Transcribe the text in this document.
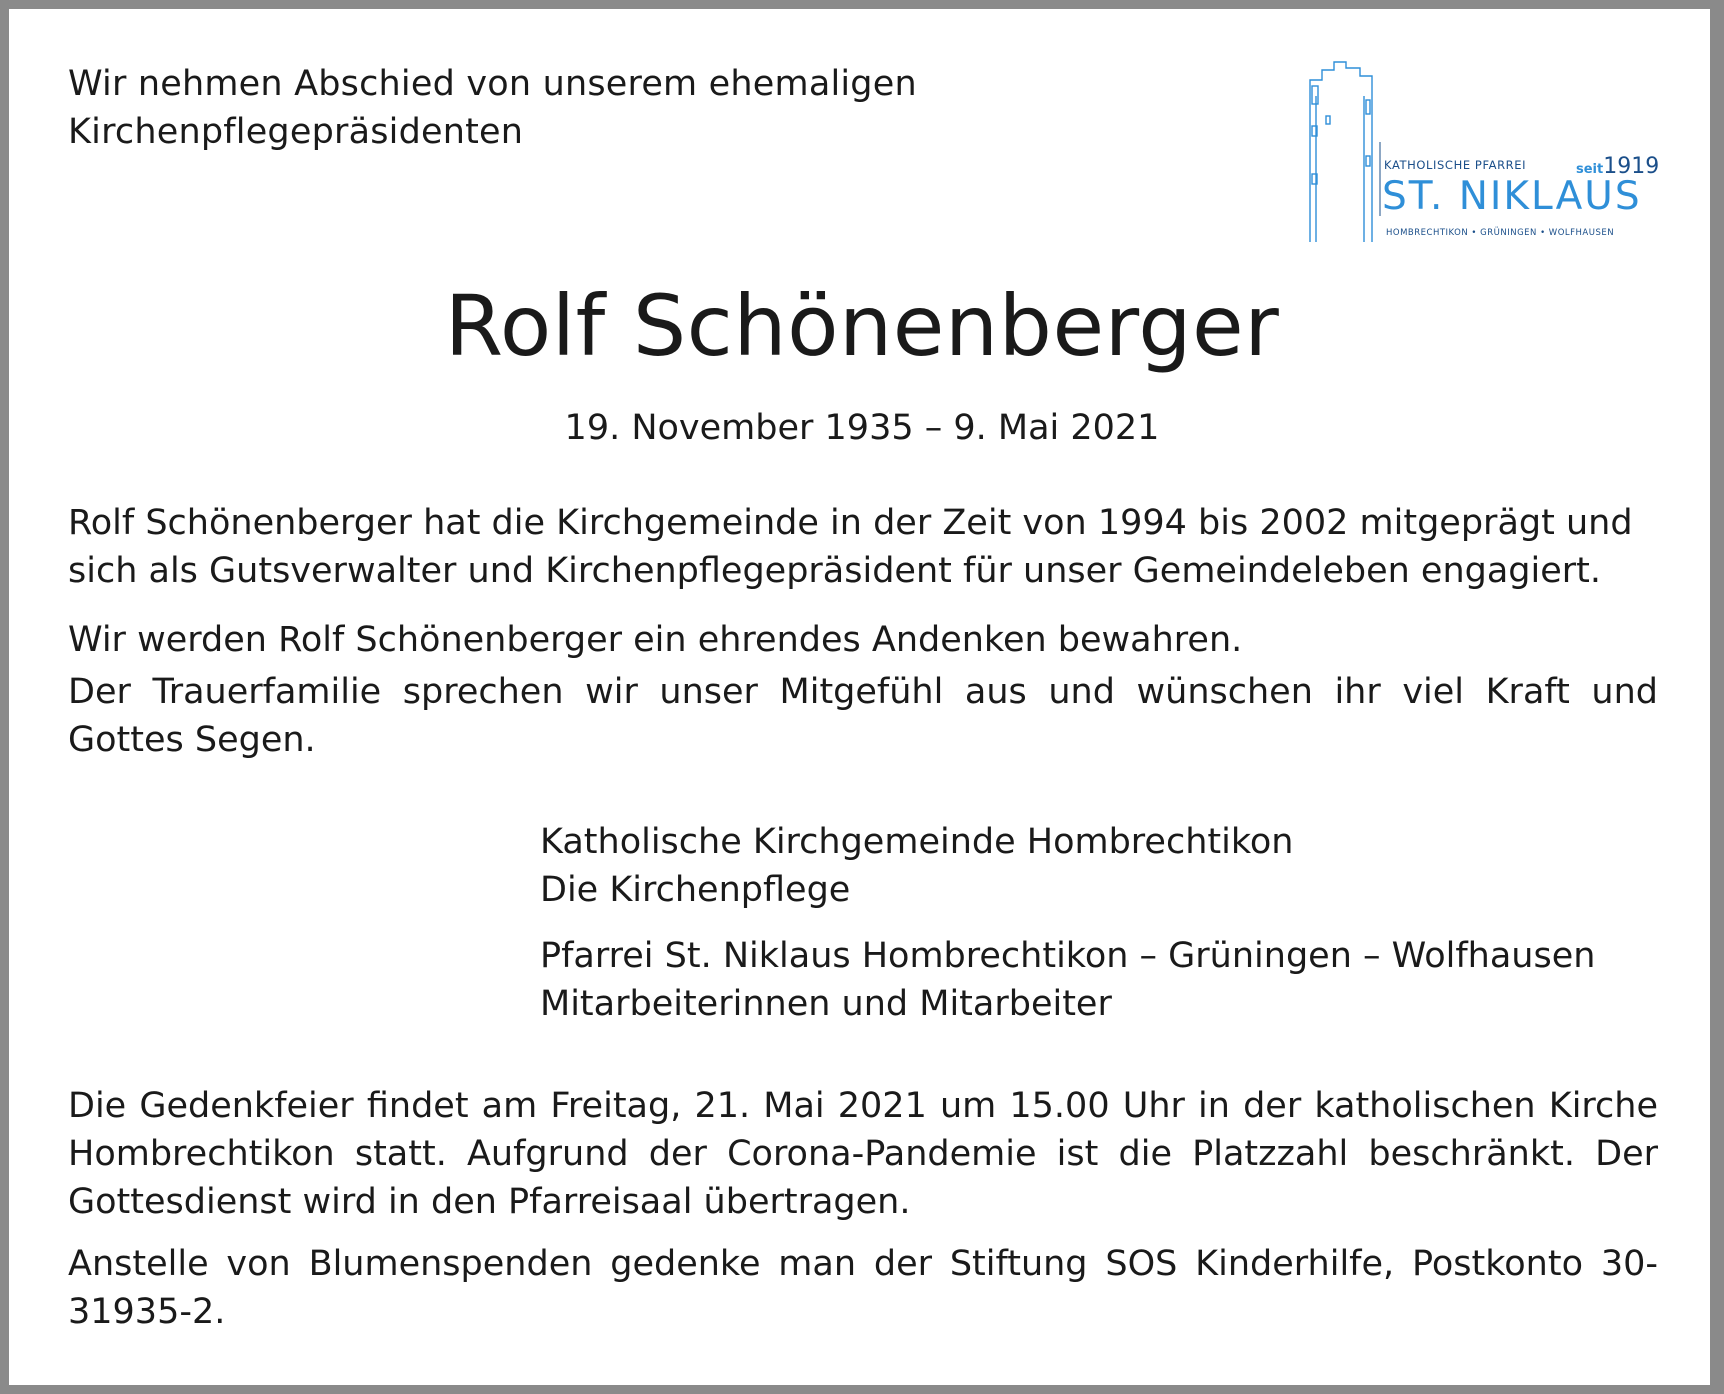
Wir nehmen Abschied von unserem ehemaligen
Kirchenpflegepräsidenten
KATHOLISCHE PFARREI	seit1919
ST. NIKLAUS
HOMBRECHTIKON • GRÜNINGEN • WOLFHAUSEN
Rolf Schönenberger
19. November 1935 – 9. Mai 2021
Rolf Schönenberger hat die Kirchgemeinde in der Zeit von 1994 bis 2002 mitgeprägt und
sich als Gutsverwalter und Kirchenpflegepräsident für unser Gemeindeleben engagiert.
Wir werden Rolf Schönenberger ein ehrendes Andenken bewahren.
Der Trauerfamilie sprechen wir unser Mitgefühl aus und wünschen ihr viel Kraft und Gottes Segen.
Katholische Kirchgemeinde Hombrechtikon
Die Kirchenpflege
Pfarrei St. Niklaus Hombrechtikon – Grüningen – Wolfhausen
Mitarbeiterinnen und Mitarbeiter
Die Gedenkfeier findet am Freitag, 21. Mai 2021 um 15.00 Uhr in der katholischen Kirche Hombrechtikon statt. Aufgrund der Corona-Pandemie ist die Platzzahl beschränkt. Der Gottesdienst wird in den Pfarreisaal übertragen.
Anstelle von Blumenspenden gedenke man der Stiftung SOS Kinderhilfe, Postkonto 30-31935-2.
